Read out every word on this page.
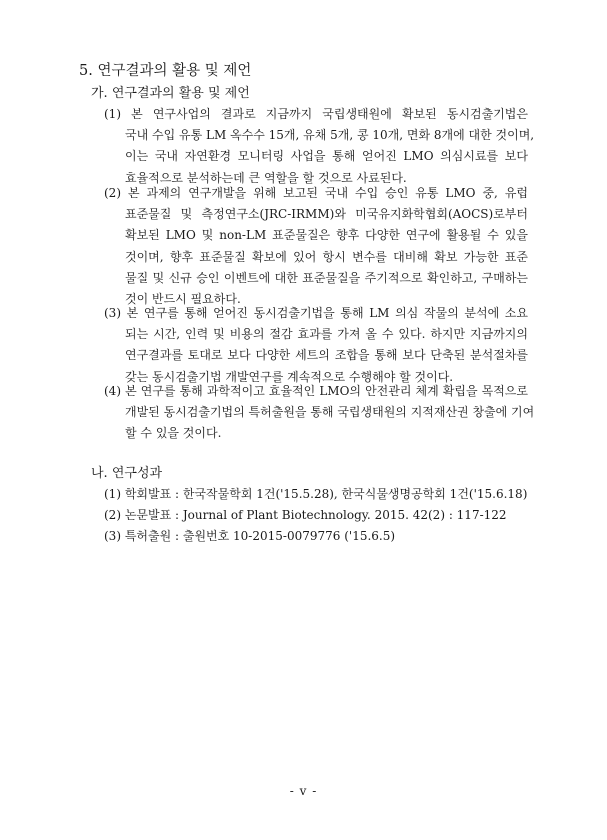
5. 연구결과의 활용 및 제언
가. 연구결과의 활용 및 제언
(1) 본 연구사업의 결과로 지금까지 국립생태원에 확보된 동시검출기법은
국내 수입 유통 LM 옥수수 15개, 유채 5개, 콩 10개, 면화 8개에 대한 것이며,
이는 국내 자연환경 모니터링 사업을 통해 얻어진 LMO 의심시료를 보다
효율적으로 분석하는데 큰 역할을 할 것으로 사료된다.
(2) 본 과제의 연구개발을 위해 보고된 국내 수입 승인 유통 LMO 중, 유럽
표준물질 및 측정연구소(JRC-IRMM)와 미국유지화학협회(AOCS)로부터
확보된 LMO 및 non-LM 표준물질은 향후 다양한 연구에 활용될 수 있을
것이며, 향후 표준물질 확보에 있어 항시 변수를 대비해 확보 가능한 표준
물질 및 신규 승인 이벤트에 대한 표준물질을 주기적으로 확인하고, 구매하는
것이 반드시 필요하다.
(3) 본 연구를 통해 얻어진 동시검출기법을 통해 LM 의심 작물의 분석에 소요
되는 시간, 인력 및 비용의 절감 효과를 가져 올 수 있다. 하지만 지금까지의
연구결과를 토대로 보다 다양한 세트의 조합을 통해 보다 단축된 분석절차를
갖는 동시검출기법 개발연구를 계속적으로 수행해야 할 것이다.
(4) 본 연구를 통해 과학적이고 효율적인 LMO의 안전관리 체계 확립을 목적으로
개발된 동시검출기법의 특허출원을 통해 국립생태원의 지적재산권 창출에 기여
할 수 있을 것이다.
나. 연구성과
(1) 학회발표 : 한국작물학회 1건('15.5.28), 한국식물생명공학회 1건('15.6.18)
(2) 논문발표 : Journal of Plant Biotechnology. 2015. 42(2) : 117-122
(3) 특허출원 : 출원번호 10-2015-0079776 ('15.6.5)
- v -
